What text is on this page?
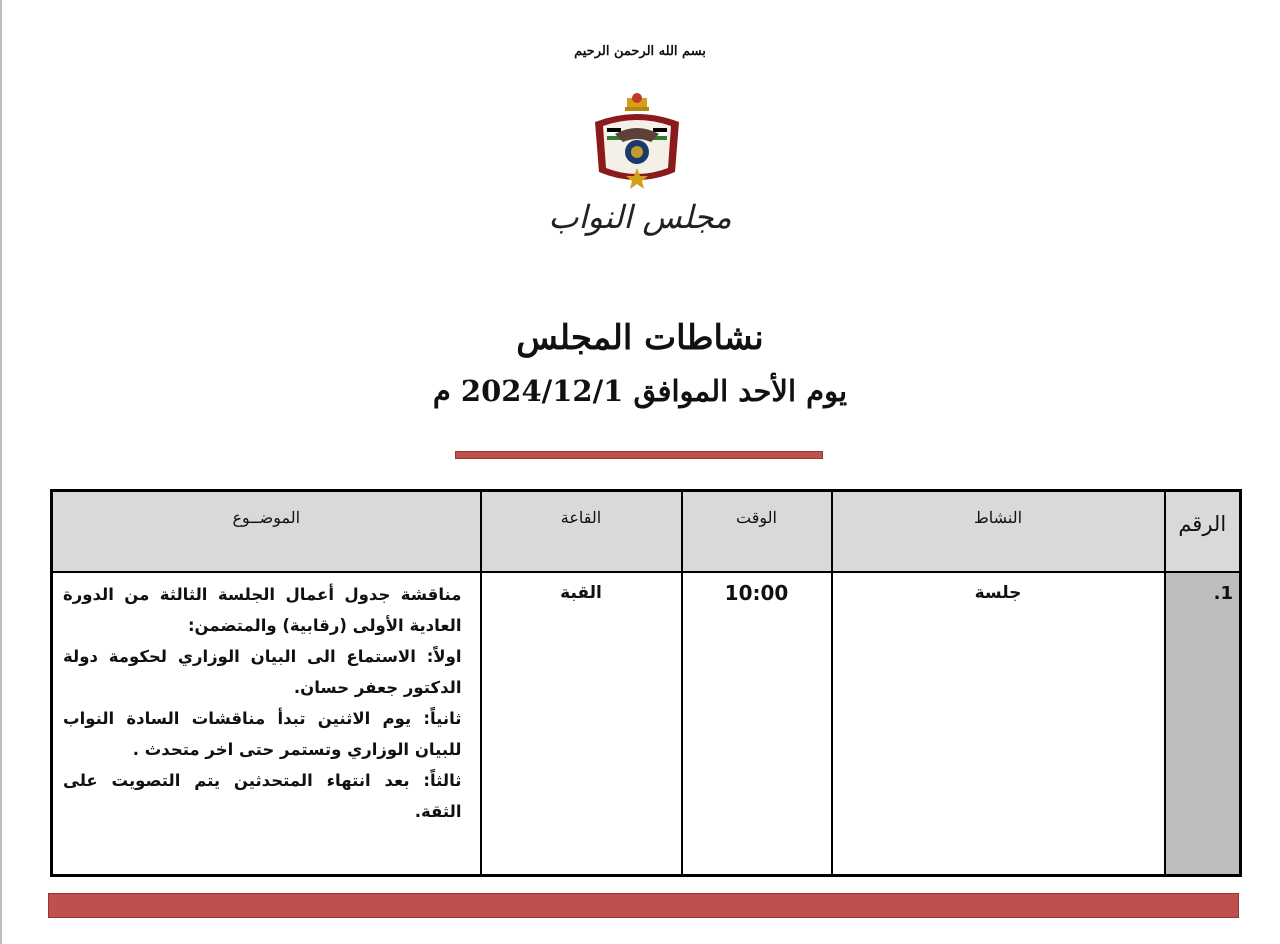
بسم الله الرحمن الرحيم
مجلس النواب
نشاطات المجلس
يوم الأحد الموافق 2024/12/1 م
الرقم	النشاط	الوقت	القاعة	الموضــوع
1.	جلسة	10:00	القبة	مناقشة جدول أعمال الجلسة الثالثة من الدورة العادية الأولى (رقابية) والمتضمن:

اولاً: الاستماع الى البيان الوزاري لحكومة دولة الدكتور جعفر حسان.

ثانياً: يوم الاثنين تبدأ مناقشات السادة النواب للبيان الوزاري وتستمر حتى اخر متحدث .

ثالثاً: بعد انتهاء المتحدثين يتم التصويت على الثقة.
